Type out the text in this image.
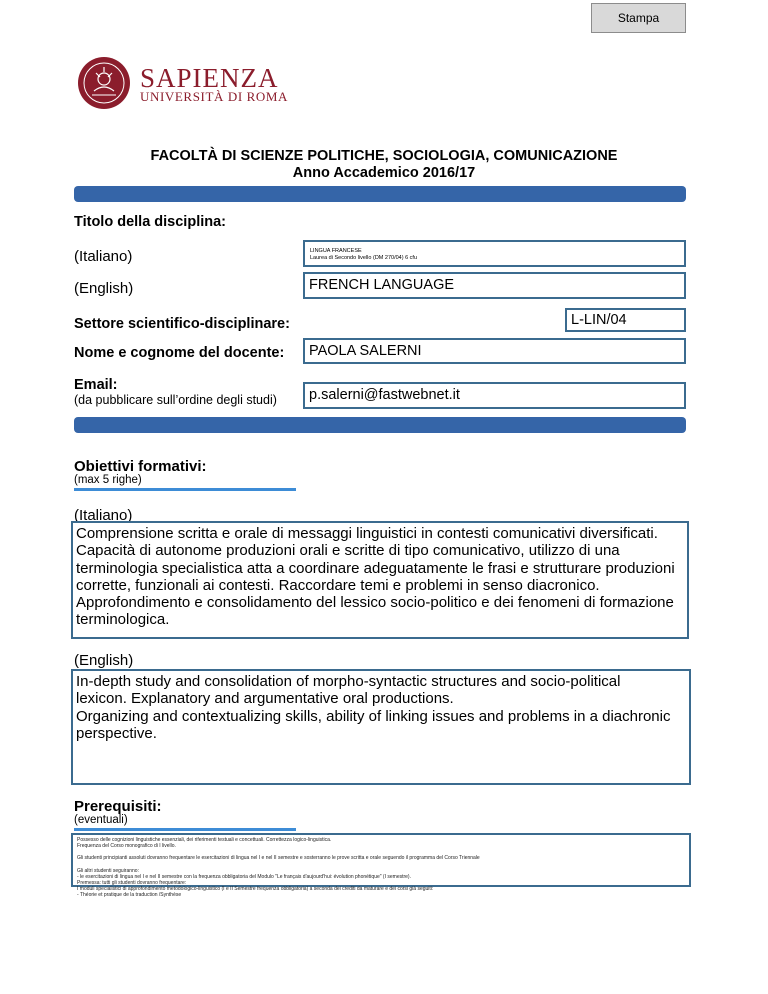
Stampa
SAPIENZA
UNIVERSITÀ DI ROMA
FACOLTÀ DI SCIENZE POLITICHE, SOCIOLOGIA, COMUNICAZIONE
Anno Accademico 2016/17
Titolo della disciplina:
(Italiano)	LINGUA FRANCESE
Laurea di Secondo livello (DM 270/04) 6 cfu
(English)	FRENCH LANGUAGE
Settore scientifico-disciplinare:	L-LIN/04
Nome e cognome del docente: PAOLA SALERNI
Email:
(da pubblicare sull’ordine degli studi) p.salerni@fastwebnet.it
Obiettivi formativi:
(max 5 righe)
(Italiano)
Comprensione scritta e orale di messaggi linguistici in contesti comunicativi diversificati.
Capacità di autonome produzioni orali e scritte di tipo comunicativo, utilizzo di una
terminologia specialistica atta a coordinare adeguatamente le frasi e strutturare produzioni
corrette, funzionali ai contesti. Raccordare temi e problemi in senso diacronico.
Approfondimento e consolidamento del lessico socio-politico e dei fenomeni di formazione
terminologica.
(English)
In-depth study and consolidation of morpho-syntactic structures and socio-political
lexicon. Explanatory and argumentative oral productions.
Organizing and contextualizing skills, ability of linking issues and problems in a diachronic
perspective.
Prerequisiti:
(eventuali)
Possesso delle cognizioni linguistiche essenziali, dei riferimenti testuali e concettuali. Correttezza logico-linguistica.
Frequenza del Corso monografico di I livello.
Gli studenti principianti assoluti dovranno frequentare le esercitazioni di lingua nel I e nel II semestre e sosterranno le prove scritta e orale seguendo il programma del Corso Triennale
Gli altri studenti seguiranno:
- le esercitazioni di lingua nel I e nel II semestre con la frequenza obbligatoria del Modulo "Le français d'aujourd'hui: évolution phonétique" (I semestre).
Premessa: tutti gli studenti dovranno frequentare:
I moduli specialistici di approfondimento metodologico-linguistico (I e II Semestre frequenza obbligatoria) a seconda dei crediti da maturare e dei corsi già seguiti:
- Théorie et pratique de la traduction /Synthèse
